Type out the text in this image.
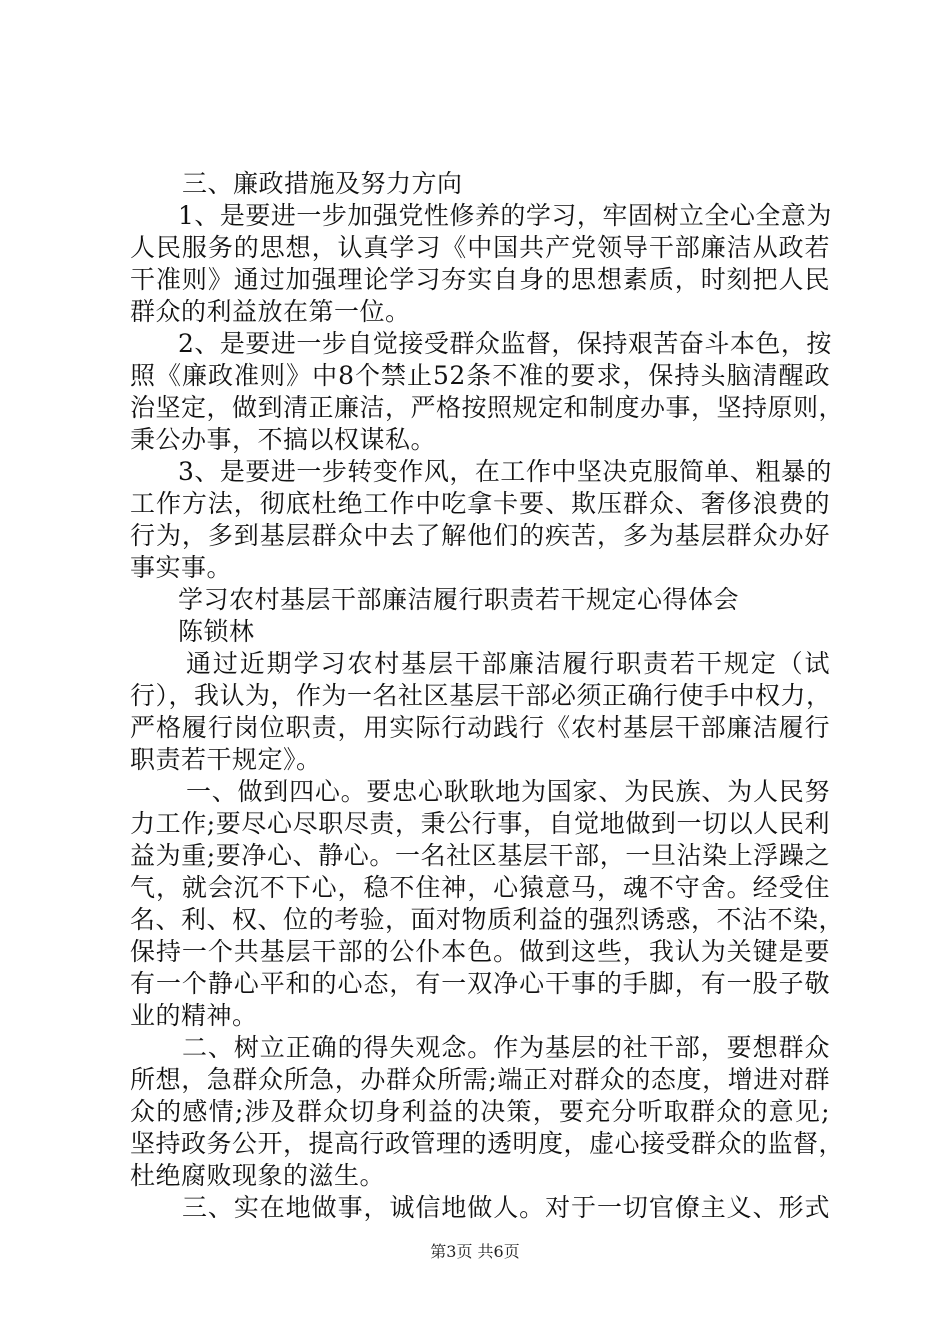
三、廉政措施及努力方向
1、是要进一步加强党性修养的学习，牢固树立全心全意为
人民服务的思想，认真学习《中国共产党领导干部廉洁从政若
干准则》通过加强理论学习夯实自身的思想素质，时刻把人民
群众的利益放在第一位。
2、是要进一步自觉接受群众监督，保持艰苦奋斗本色，按
照《廉政准则》中8个禁止52条不准的要求，保持头脑清醒政
治坚定，做到清正廉洁，严格按照规定和制度办事，坚持原则，
秉公办事，不搞以权谋私。
3、是要进一步转变作风，在工作中坚决克服简单、粗暴的
工作方法，彻底杜绝工作中吃拿卡要、欺压群众、奢侈浪费的
行为，多到基层群众中去了解他们的疾苦，多为基层群众办好
事实事。
学习农村基层干部廉洁履行职责若干规定心得体会
陈锁林
通过近期学习农村基层干部廉洁履行职责若干规定（试
行），我认为，作为一名社区基层干部必须正确行使手中权力，
严格履行岗位职责，用实际行动践行《农村基层干部廉洁履行
职责若干规定》。
一、做到四心。要忠心耿耿地为国家、为民族、为人民努
力工作;要尽心尽职尽责，秉公行事，自觉地做到一切以人民利
益为重;要净心、静心。一名社区基层干部，一旦沾染上浮躁之
气，就会沉不下心，稳不住神，心猿意马，魂不守舍。经受住
名、利、权、位的考验，面对物质利益的强烈诱惑，不沾不染，
保持一个共基层干部的公仆本色。做到这些，我认为关键是要
有一个静心平和的心态，有一双净心干事的手脚，有一股子敬
业的精神。
二、树立正确的得失观念。作为基层的社干部，要想群众
所想，急群众所急，办群众所需;端正对群众的态度，增进对群
众的感情;涉及群众切身利益的决策，要充分听取群众的意见;
坚持政务公开，提高行政管理的透明度，虚心接受群众的监督，
杜绝腐败现象的滋生。
三、实在地做事，诚信地做人。对于一切官僚主义、形式
第3页 共6页
